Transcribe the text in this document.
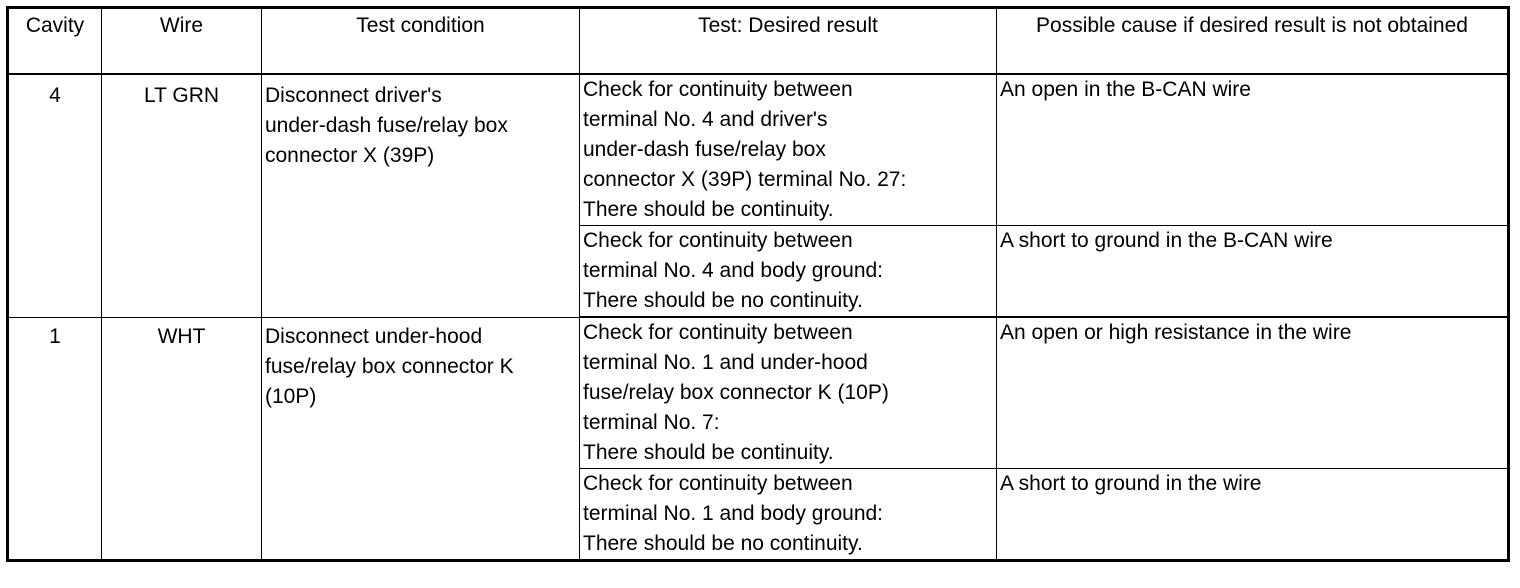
Cavity	Wire	Test condition	Test: Desired result	Possible cause if desired result is not obtained
4	LT GRN	Disconnect driver's
under-dash fuse/relay box
connector X (39P)	Check for continuity between
terminal No. 4 and driver's
under-dash fuse/relay box
connector X (39P) terminal No. 27:
There should be continuity.	An open in the B-CAN wire
			Check for continuity between
terminal No. 4 and body ground:
There should be no continuity.	A short to ground in the B-CAN wire
1	WHT	Disconnect under-hood
fuse/relay box connector K
(10P)	Check for continuity between
terminal No. 1 and under-hood
fuse/relay box connector K (10P)
terminal No. 7:
There should be continuity.	An open or high resistance in the wire
			Check for continuity between
terminal No. 1 and body ground:
There should be no continuity.	A short to ground in the wire
